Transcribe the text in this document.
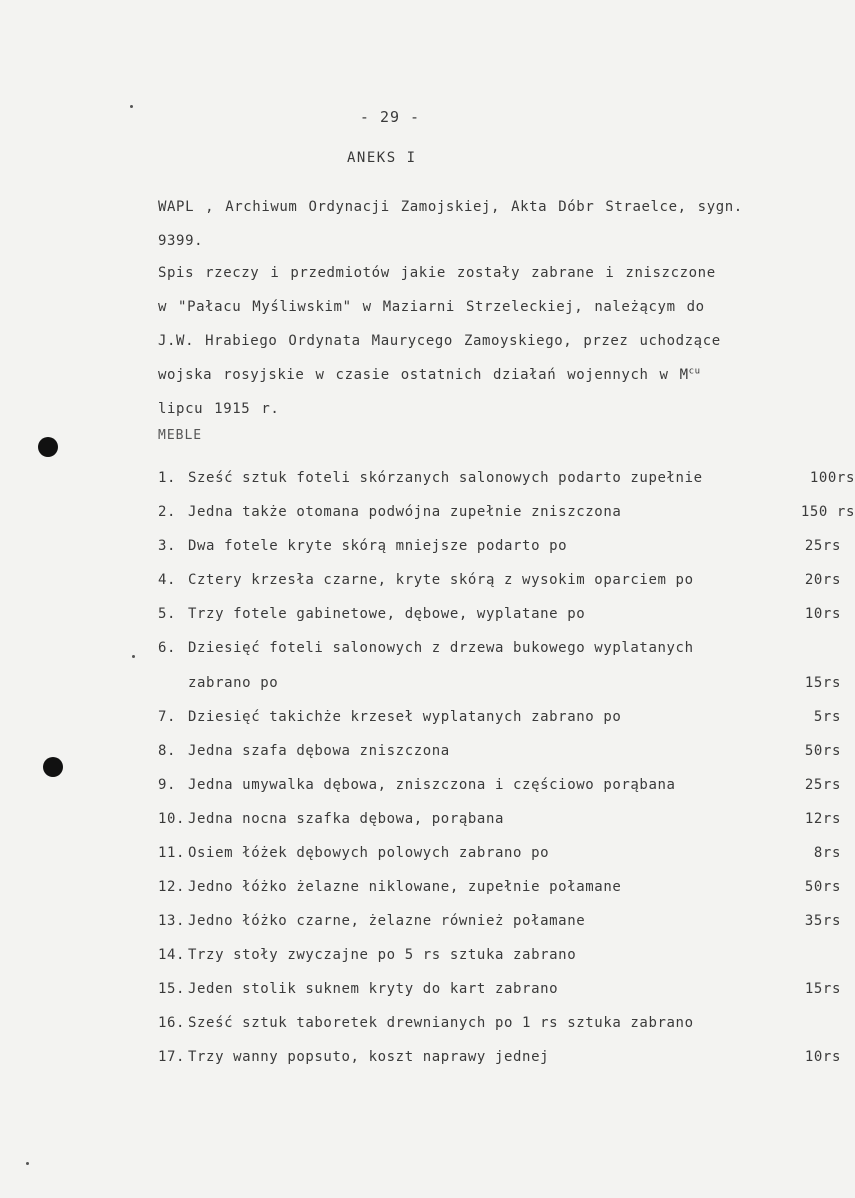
- 29 -
ANEKS I

WAPL , Archiwum Ordynacji Zamojskiej, Akta Dóbr Straelce, sygn.

9399.

Spis rzeczy i przedmiotów jakie zostały zabrane i zniszczone

w "Pałacu Myśliwskim" w Maziarni Strzeleckiej, należącym do

J.W. Hrabiego Ordynata Maurycego Zamoyskiego, przez uchodzące

wojska rosyjskie w czasie ostatnich działań wojennych w $M^{cu}$

lipcu 1915 r.

MEBLE
1. Sześć sztuk foteli skórzanych salonowych podarto zupełnie	100rs
2. Jedna także otomana podwójna zupełnie zniszczona	150 rs
3. Dwa fotele kryte skórą mniejsze podarto po	25rs
4. Cztery krzesła czarne, kryte skórą z wysokim oparciem po	20rs
5. Trzy fotele gabinetowe, dębowe, wyplatane po	10rs
6. Dziesięć foteli salonowych z drzewa bukowego wyplatanych
zabrano po	15rs
7. Dziesięć takichże krzeseł wyplatanych zabrano po	5rs
8. Jedna szafa dębowa zniszczona	50rs
9. Jedna umywalka dębowa, zniszczona i częściowo porąbana	25rs
10. Jedna nocna szafka dębowa, porąbana	12rs
11. Osiem łóżek dębowych polowych zabrano po	8rs
12. Jedno łóżko żelazne niklowane, zupełnie połamane	50rs
13. Jedno łóżko czarne, żelazne również połamane	35rs
14. Trzy stoły zwyczajne po 5 rs sztuka zabrano
15. Jeden stolik suknem kryty do kart zabrano	15rs
16. Sześć sztuk taboretek drewnianych po 1 rs sztuka zabrano
17. Trzy wanny popsuto, koszt naprawy jednej	10rs
